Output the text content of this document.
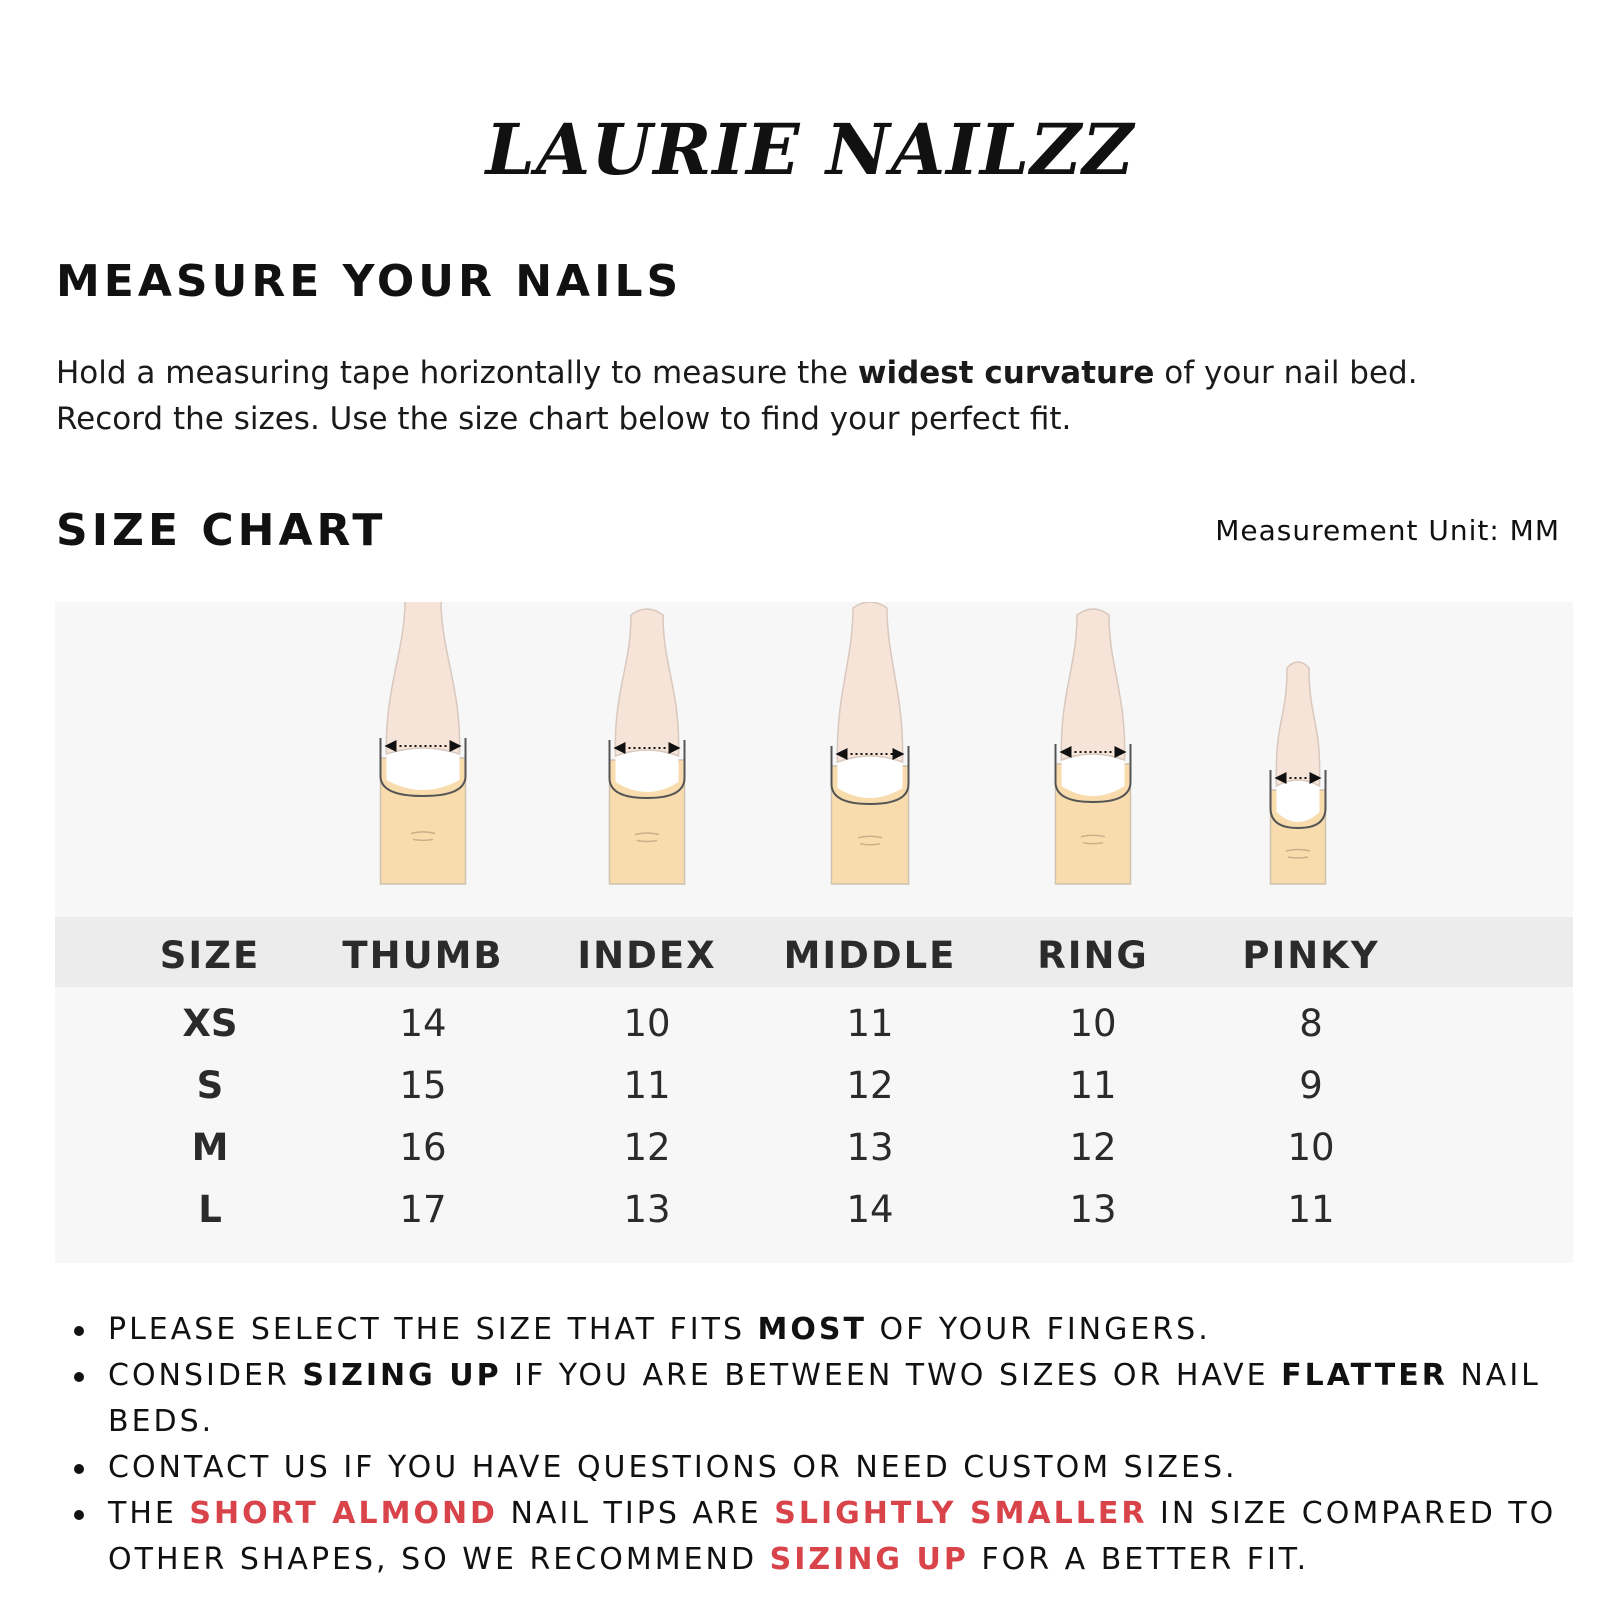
LAURIE NAILZZ
MEASURE YOUR NAILS
Hold a measuring tape horizontally to measure the widest curvature of your nail bed. Record the sizes. Use the size chart below to find your perfect fit.
SIZE CHART	Measurement Unit: MM
SIZE THUMB INDEX MIDDLE RING	PINKY
XS	14	10	11	10	8
S	15	11	12	11	9
M	16	12	13	12	10
L	17	13	14	13	11
PLEASE SELECT THE SIZE THAT FITS MOST OF YOUR FINGERS.
CONSIDER SIZING UP IF YOU ARE BETWEEN TWO SIZES OR HAVE FLATTER NAIL BEDS.
CONTACT US IF YOU HAVE QUESTIONS OR NEED CUSTOM SIZES.
THE SHORT ALMOND NAIL TIPS ARE SLIGHTLY SMALLER IN SIZE COMPARED TO OTHER SHAPES, SO WE RECOMMEND SIZING UP FOR A BETTER FIT.
